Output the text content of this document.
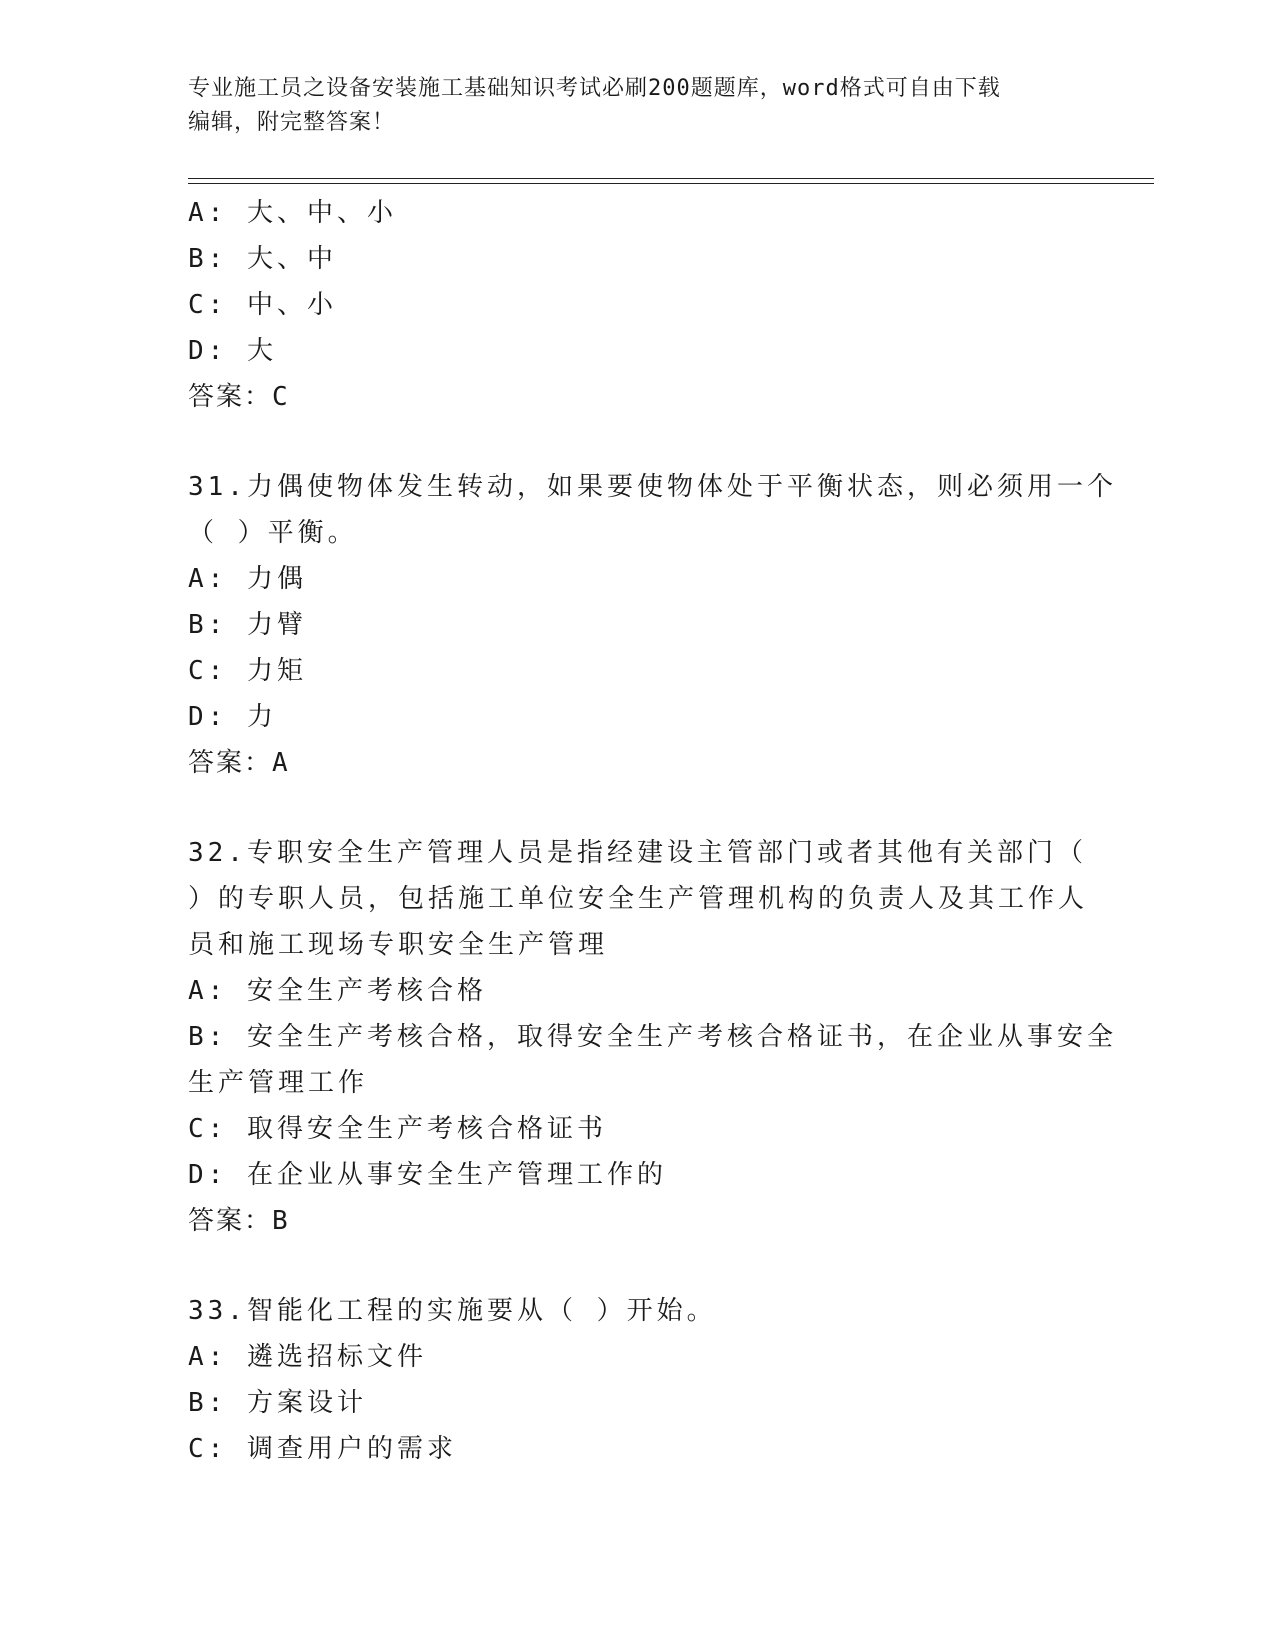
专业施工员之设备安装施工基础知识考试必刷200题题库，word格式可自由下载
编辑，附完整答案！
A: 大、中、小
B: 大、中
C: 中、小
D: 大
答案：C
31.力偶使物体发生转动，如果要使物体处于平衡状态，则必须用一个
（ ）平衡。
A: 力偶
B: 力臂
C: 力矩
D: 力
答案：A
32.专职安全生产管理人员是指经建设主管部门或者其他有关部门（
）的专职人员，包括施工单位安全生产管理机构的负责人及其工作人
员和施工现场专职安全生产管理
A: 安全生产考核合格
B: 安全生产考核合格，取得安全生产考核合格证书，在企业从事安全
生产管理工作
C: 取得安全生产考核合格证书
D: 在企业从事安全生产管理工作的
答案：B
33.智能化工程的实施要从（ ）开始。
A: 遴选招标文件
B: 方案设计
C: 调查用户的需求
